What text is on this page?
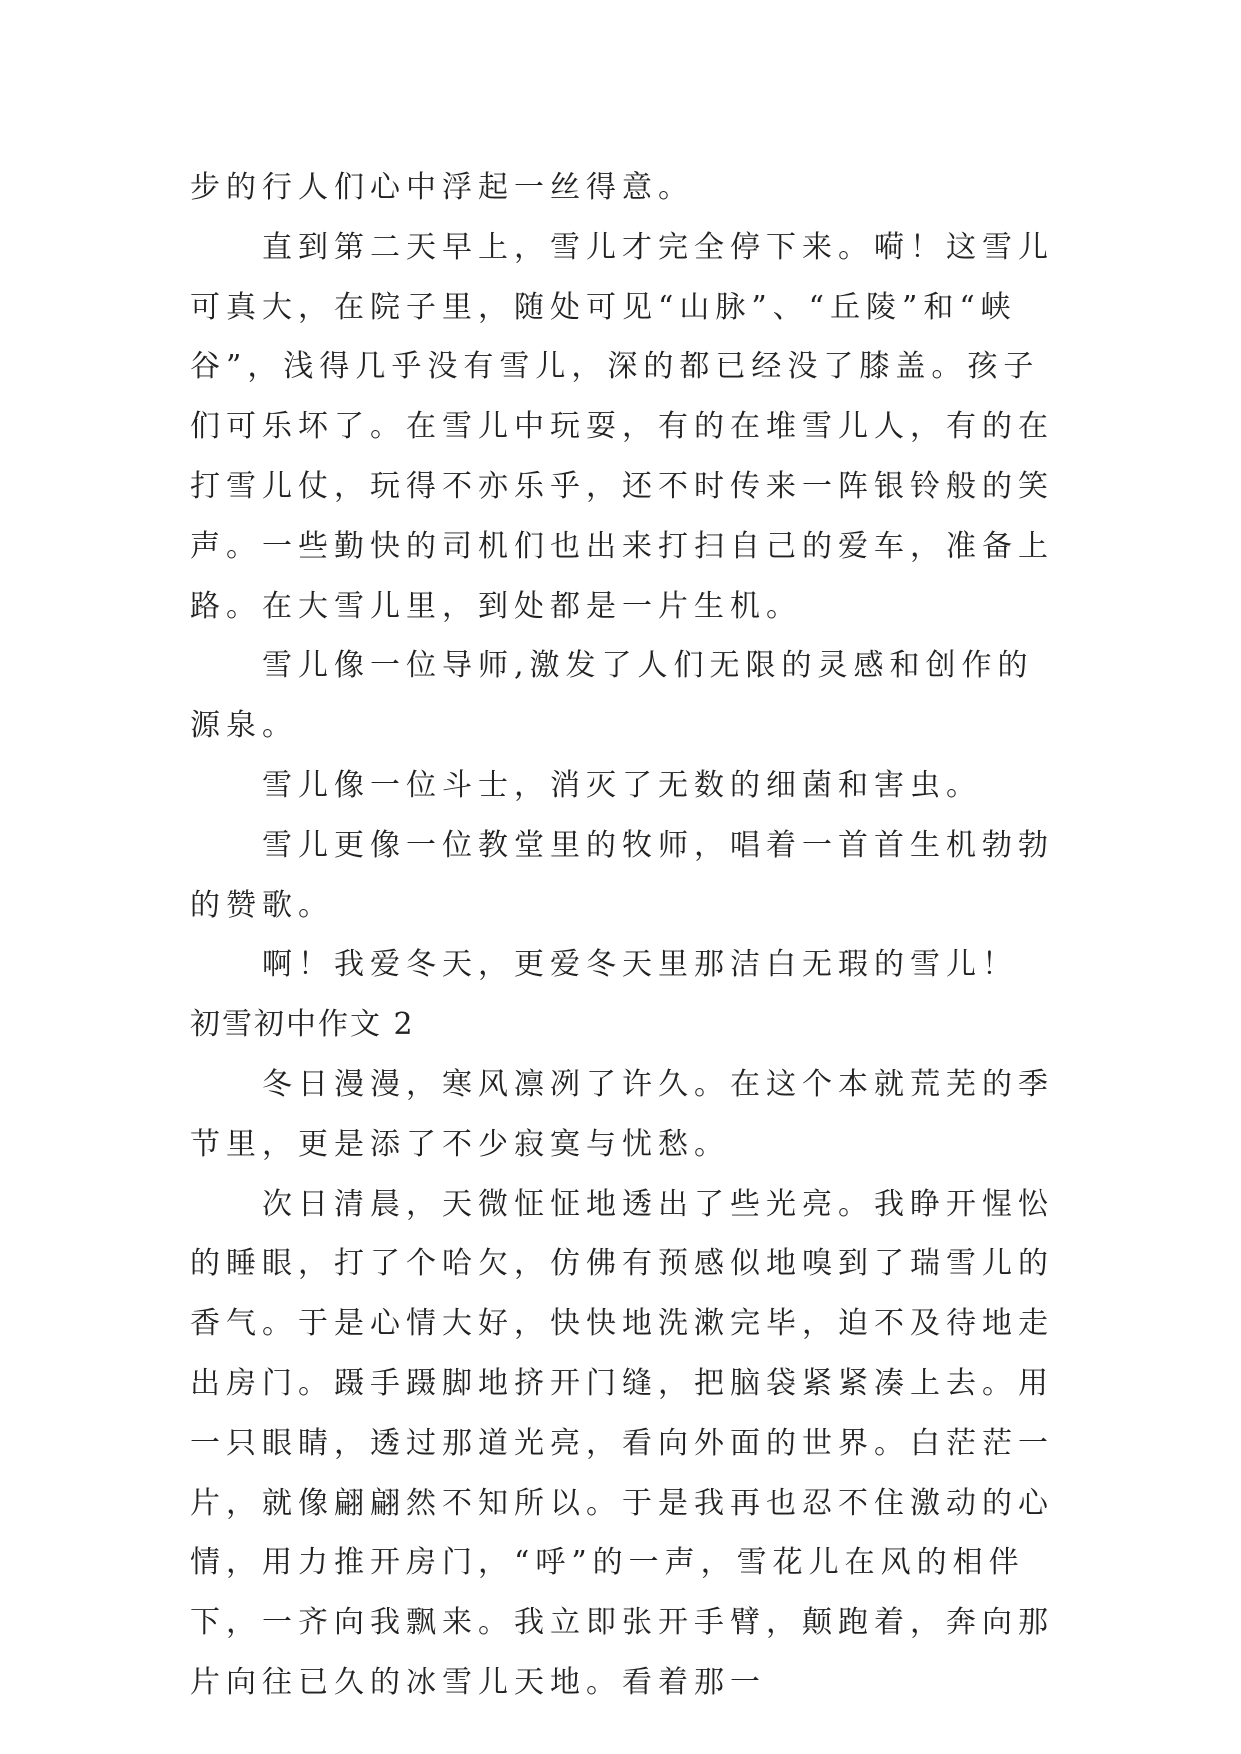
步的行人们心中浮起一丝得意。

直到第二天早上，雪儿才完全停下来。嗬！这雪儿可真大，在院子里，随处可见“山脉”、“丘陵”和“峡谷”，浅得几乎没有雪儿，深的都已经没了膝盖。孩子们可乐坏了。在雪儿中玩耍，有的在堆雪儿人，有的在打雪儿仗，玩得不亦乐乎，还不时传来一阵银铃般的笑声。一些勤快的司机们也出来打扫自己的爱车，准备上路。在大雪儿里，到处都是一片生机。

雪儿像一位导师,激发了人们无限的灵感和创作的源泉。

雪儿像一位斗士，消灭了无数的细菌和害虫。

雪儿更像一位教堂里的牧师，唱着一首首生机勃勃的赞歌。

啊！我爱冬天，更爱冬天里那洁白无瑕的雪儿！

初雪初中作文 2

冬日漫漫，寒风凛冽了许久。在这个本就荒芜的季节里，更是添了不少寂寞与忧愁。

次日清晨，天微怔怔地透出了些光亮。我睁开惺忪的睡眼，打了个哈欠，仿佛有预感似地嗅到了瑞雪儿的香气。于是心情大好，快快地洗漱完毕，迫不及待地走出房门。蹑手蹑脚地挤开门缝，把脑袋紧紧凑上去。用一只眼睛，透过那道光亮，看向外面的世界。白茫茫一片，就像翩翩然不知所以。于是我再也忍不住激动的心情，用力推开房门，“呼”的一声，雪花儿在风的相伴下，一齐向我飘来。我立即张开手臂，颠跑着，奔向那片向往已久的冰雪儿天地。看着那一
